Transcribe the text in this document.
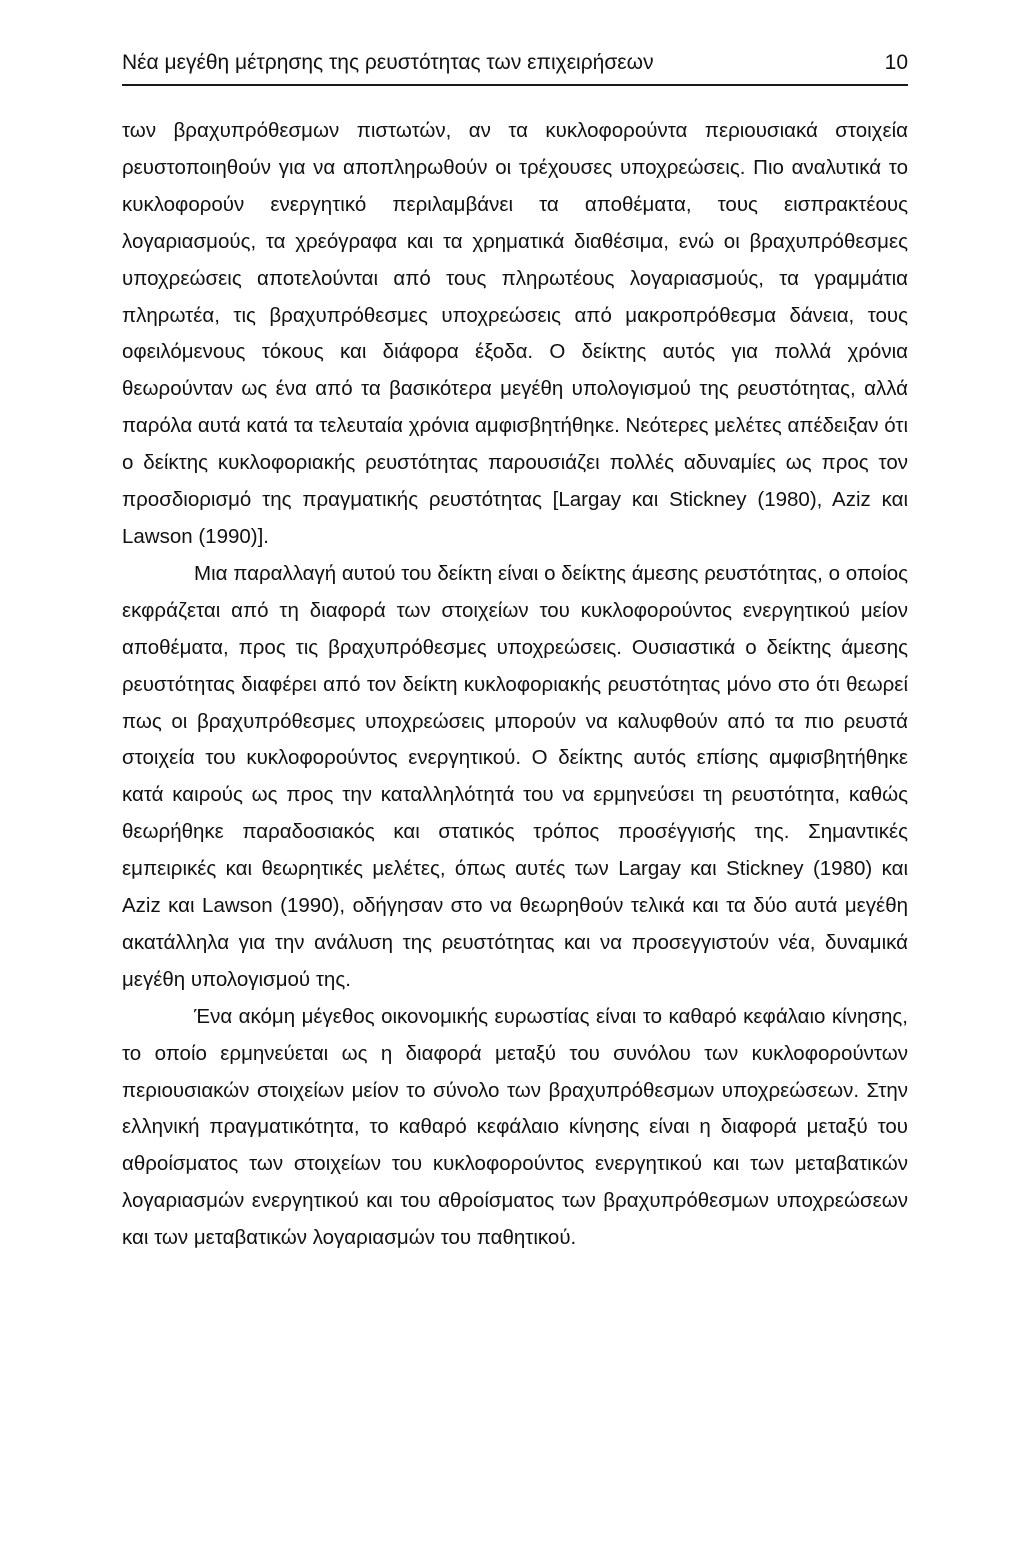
Νέα μεγέθη μέτρησης της ρευστότητας των επιχειρήσεων	10

των βραχυπρόθεσμων πιστωτών, αν τα κυκλοφορούντα περιουσιακά στοιχεία ρευστοποιηθούν για να αποπληρωθούν οι τρέχουσες υποχρεώσεις. Πιο αναλυτικά το κυκλοφορούν ενεργητικό περιλαμβάνει τα αποθέματα, τους εισπρακτέους λογαριασμούς, τα χρεόγραφα και τα χρηματικά διαθέσιμα, ενώ οι βραχυπρόθεσμες υποχρεώσεις αποτελούνται από τους πληρωτέους λογαριασμούς, τα γραμμάτια πληρωτέα, τις βραχυπρόθεσμες υποχρεώσεις από μακροπρόθεσμα δάνεια, τους οφειλόμενους τόκους και διάφορα έξοδα. Ο δείκτης αυτός για πολλά χρόνια θεωρούνταν ως ένα από τα βασικότερα μεγέθη υπολογισμού της ρευστότητας, αλλά παρόλα αυτά κατά τα τελευταία χρόνια αμφισβητήθηκε. Νεότερες μελέτες απέδειξαν ότι ο δείκτης κυκλοφοριακής ρευστότητας παρουσιάζει πολλές αδυναμίες ως προς τον προσδιορισμό της πραγματικής ρευστότητας [Largay και Stickney (1980), Aziz και Lawson (1990)].

Μια παραλλαγή αυτού του δείκτη είναι ο δείκτης άμεσης ρευστότητας, ο οποίος εκφράζεται από τη διαφορά των στοιχείων του κυκλοφορούντος ενεργητικού μείον αποθέματα, προς τις βραχυπρόθεσμες υποχρεώσεις. Ουσιαστικά ο δείκτης άμεσης ρευστότητας διαφέρει από τον δείκτη κυκλοφοριακής ρευστότητας μόνο στο ότι θεωρεί πως οι βραχυπρόθεσμες υποχρεώσεις μπορούν να καλυφθούν από τα πιο ρευστά στοιχεία του κυκλοφορούντος ενεργητικού. Ο δείκτης αυτός επίσης αμφισβητήθηκε κατά καιρούς ως προς την καταλληλότητά του να ερμηνεύσει τη ρευστότητα, καθώς θεωρήθηκε παραδοσιακός και στατικός τρόπος προσέγγισής της. Σημαντικές εμπειρικές και θεωρητικές μελέτες, όπως αυτές των Largay και Stickney (1980) και Aziz και Lawson (1990), οδήγησαν στο να θεωρηθούν τελικά και τα δύο αυτά μεγέθη ακατάλληλα για την ανάλυση της ρευστότητας και να προσεγγιστούν νέα, δυναμικά μεγέθη υπολογισμού της.

Ένα ακόμη μέγεθος οικονομικής ευρωστίας είναι το καθαρό κεφάλαιο κίνησης, το οποίο ερμηνεύεται ως η διαφορά μεταξύ του συνόλου των κυκλοφορούντων περιουσιακών στοιχείων μείον το σύνολο των βραχυπρόθεσμων υποχρεώσεων. Στην ελληνική πραγματικότητα, το καθαρό κεφάλαιο κίνησης είναι η διαφορά μεταξύ του αθροίσματος των στοιχείων του κυκλοφορούντος ενεργητικού και των μεταβατικών λογαριασμών ενεργητικού και του αθροίσματος των βραχυπρόθεσμων υποχρεώσεων και των μεταβατικών λογαριασμών του παθητικού.
